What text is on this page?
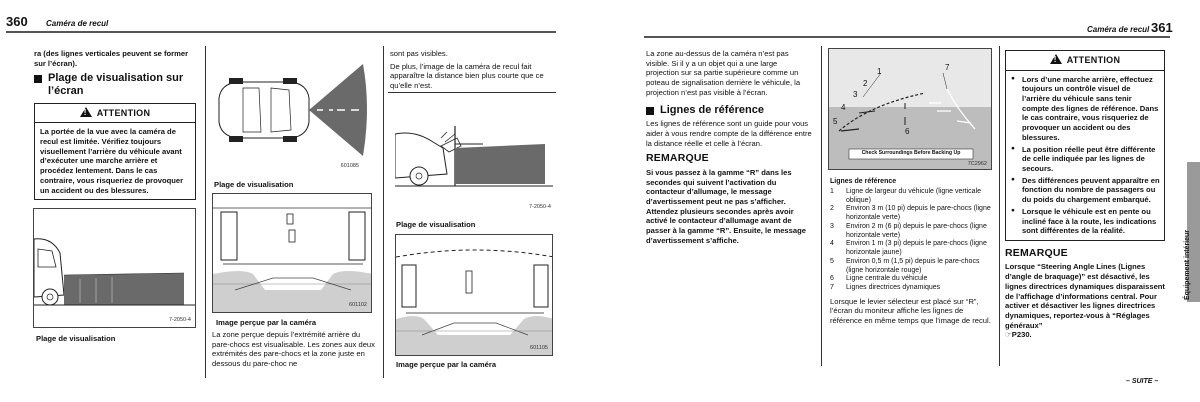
360 Caméra de recul

ra (des lignes verticales peuvent se former sur l’écran).

Plage de visualisation sur l’écran
!ATTENTION
La portée de la vue avec la caméra de recul est limitée. Vérifiez toujours visuellement l’arrière du véhicule avant d’exécuter une marche arrière et procédez lentement. Dans le cas contraire, vous risqueriez de provoquer un accident ou des blessures.
7-2050-4
Plage de visualisation
601085
Plage de visualisation
601102
Image perçue par la caméra

La zone perçue depuis l’extrémité arrière du pare-chocs est visualisable. Les zones aux deux extrémités des pare-chocs et la zone juste en dessous du pare-choc ne

sont pas visibles.

De plus, l’image de la caméra de recul fait apparaître la distance bien plus courte que ce qu’elle n’est.

7-2050-4
Plage de visualisation
601105
Image perçue par la caméra
Caméra de recul 361

La zone au-dessus de la caméra n’est pas visible. Si il y a un objet qui a une large projection sur sa partie supérieure comme un poteau de signalisation derrière le véhicule, la projection n’est pas visible à l’écran.

Lignes de référence

Les lignes de référence sont un guide pour vous aider à vous rendre compte de la différence entre la distance réelle et celle à l’écran.

REMARQUE

Si vous passez à la gamme “R” dans les secondes qui suivent l’activation du contacteur d’allumage, le message d’avertissement peut ne pas s’afficher. Attendez plusieurs secondes après avoir activé le contacteur d’allumage avant de passer à la gamme “R”. Ensuite, le message d’avertissement s’affiche.

1
2
3
4
5
6
7
Check Surroundings Before Backing Up
7C2962
Lignes de référence
1	Ligne de largeur du véhicule (ligne verticale oblique)
2	Environ 3 m (10 pi) depuis le pare-chocs (ligne horizontale verte)
3	Environ 2 m (6 pi) depuis le pare-chocs (ligne horizontale verte)
4	Environ 1 m (3 pi) depuis le pare-chocs (ligne horizontale jaune)
5	Environ 0,5 m (1,5 pi) depuis le pare-chocs (ligne horizontale rouge)
6	Ligne centrale du véhicule
7	Lignes directrices dynamiques

Lorsque le levier sélecteur est placé sur “R”, l’écran du moniteur affiche les lignes de référence en même temps que l’image de recul.

!ATTENTION
● Lors d’une marche arrière, effectuez toujours un contrôle visuel de l’arrière du véhicule sans tenir compte des lignes de référence. Dans le cas contraire, vous risqueriez de provoquer un accident ou des blessures.
● La position réelle peut être différente de celle indiquée par les lignes de secours.
● Des différences peuvent apparaître en fonction du nombre de passagers ou du poids du chargement embarqué.
● Lorsque le véhicule est en pente ou incliné face à la route, les indications sont différentes de la réalité.
REMARQUE

Lorsque “Steering Angle Lines (Lignes d’angle de braquage)” est désactivé, les lignes directrices dynamiques disparaissent de l’affichage d’informations central. Pour activer et désactiver les lignes directrices dynamiques, reportez-vous à “Réglages généraux”

☞P230.

– SUITE –
Équipement intérieur
